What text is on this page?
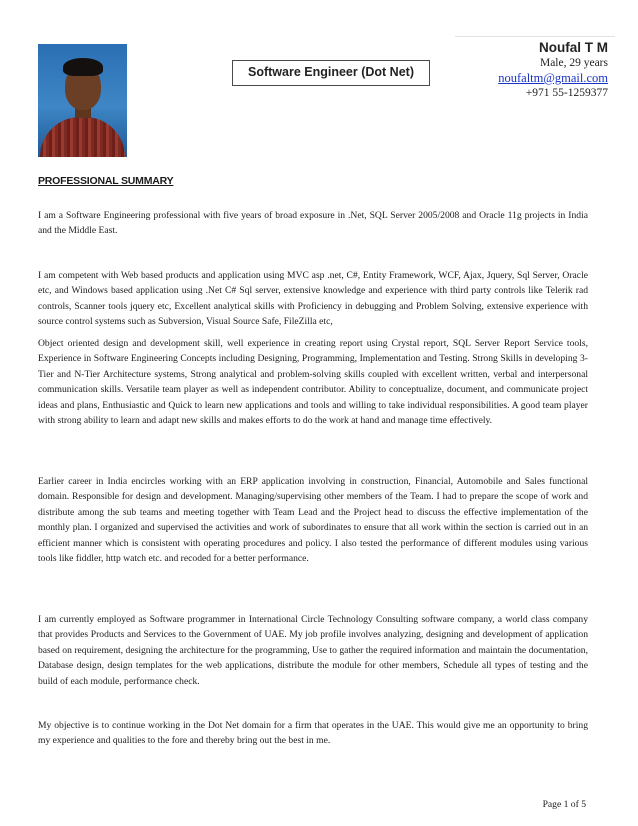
Software Engineer (Dot Net)
Noufal T M
Male, 29 years
noufaltm@gmail.com
+971 55-1259377
PROFESSIONAL SUMMARY

I am a Software Engineering professional with five years of broad exposure in .Net, SQL Server 2005/2008 and Oracle 11g projects in India and the Middle East.

I am competent with Web based products and application using MVC asp .net, C#, Entity Framework, WCF, Ajax, Jquery, Sql Server, Oracle etc, and Windows based application using .Net C# Sql server, extensive knowledge and experience with third party controls like Telerik rad controls, Scanner tools jquery etc, Excellent analytical skills with Proficiency in debugging and Problem Solving, extensive experience with source control systems such as Subversion, Visual Source Safe, FileZilla etc,

Object oriented design and development skill, well experience in creating report using Crystal report, SQL Server Report Service tools, Experience in Software Engineering Concepts including Designing, Programming, Implementation and Testing. Strong Skills in developing 3-Tier and N-Tier Architecture systems, Strong analytical and problem-solving skills coupled with excellent written, verbal and interpersonal communication skills. Versatile team player as well as independent contributor. Ability to conceptualize, document, and communicate project ideas and plans, Enthusiastic and Quick to learn new applications and tools and willing to take individual responsibilities. A good team player with strong ability to learn and adapt new skills and makes efforts to do the work at hand and manage time effectively.

Earlier career in India encircles working with an ERP application involving in construction, Financial, Automobile and Sales functional domain. Responsible for design and development. Managing/supervising other members of the Team. I had to prepare the scope of work and distribute among the sub teams and meeting together with Team Lead and the Project head to discuss the effective implementation of the monthly plan. I organized and supervised the activities and work of subordinates to ensure that all work within the section is carried out in an efficient manner which is consistent with operating procedures and policy. I also tested the performance of different modules using various tools like fiddler, http watch etc. and recoded for a better performance.

I am currently employed as Software programmer in International Circle Technology Consulting software company, a world class company that provides Products and Services to the Government of UAE. My job profile involves analyzing, designing and development of application based on requirement, designing the architecture for the programming, Use to gather the required information and maintain the documentation, Database design, design templates for the web applications, distribute the module for other members, Schedule all types of testing and the build of each module, performance check.

My objective is to continue working in the Dot Net domain for a firm that operates in the UAE. This would give me an opportunity to bring my experience and qualities to the fore and thereby bring out the best in me.

Page 1 of 5
